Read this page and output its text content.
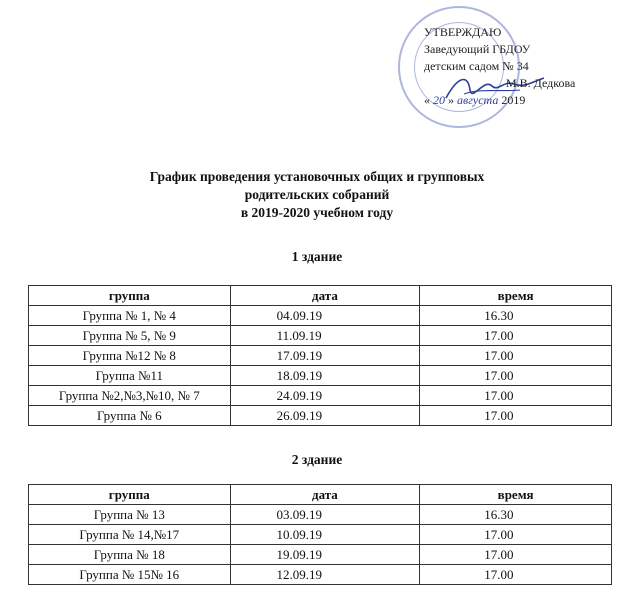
УТВЕРЖДАЮ
Заведующий ГБДОУ
детским садом № 34
М.В. Дедкова
« 20 » августа 2019
График проведения установочных общих и групповых
родительских собраний
в 2019-2020 учебном году
1 здание
группа	дата	время
Группа № 1, № 4	04.09.19	16.30
Группа № 5, № 9	11.09.19	17.00
Группа №12 № 8	17.09.19	17.00
Группа №11	18.09.19	17.00
Группа №2,№3,№10, № 7	24.09.19	17.00
Группа № 6	26.09.19	17.00
2 здание
группа	дата	время
Группа № 13	03.09.19	16.30
Группа № 14,№17	10.09.19	17.00
Группа № 18	19.09.19	17.00
Группа № 15№ 16	12.09.19	17.00
